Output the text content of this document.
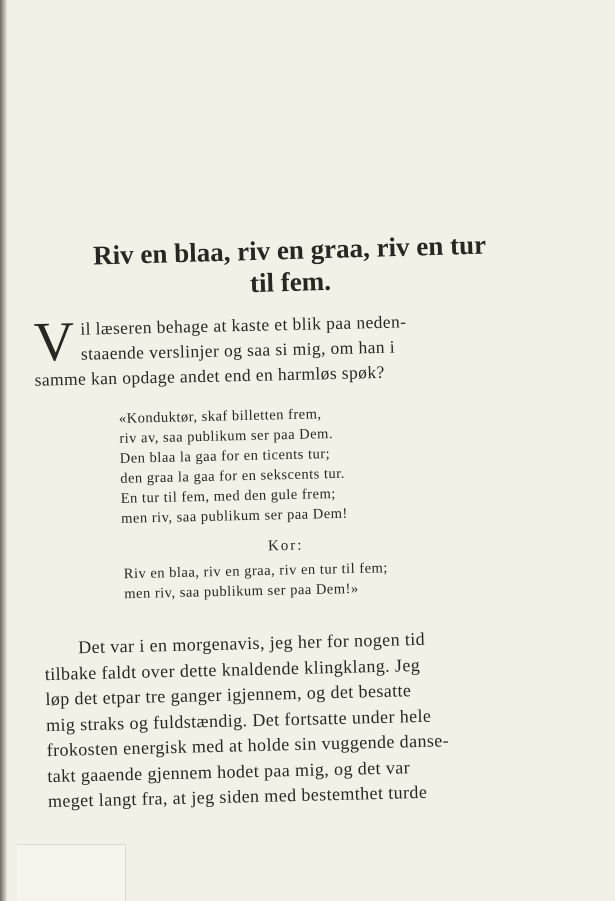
Riv en blaa, riv en graa, riv en tur
til fem.
V il læseren behage at kaste et blik paa neden-
staaende verslinjer og saa si mig, om han i
samme kan opdage andet end en harmløs spøk?

«Konduktør, skaf billetten frem,
riv av, saa publikum ser paa Dem.
Den blaa la gaa for en ticents tur;
den graa la gaa for en sekscents tur.
En tur til fem, med den gule frem;
men riv, saa publikum ser paa Dem!
Kor:
Riv en blaa, riv en graa, riv en tur til fem;
men riv, saa publikum ser paa Dem!»
Det var i en morgenavis, jeg her for nogen tid
tilbake faldt over dette knaldende klingklang. Jeg
løp det etpar tre ganger igjennem, og det besatte
mig straks og fuldstændig. Det fortsatte under hele
frokosten energisk med at holde sin vuggende danse-
takt gaaende gjennem hodet paa mig, og det var
meget langt fra, at jeg siden med bestemthet turde
